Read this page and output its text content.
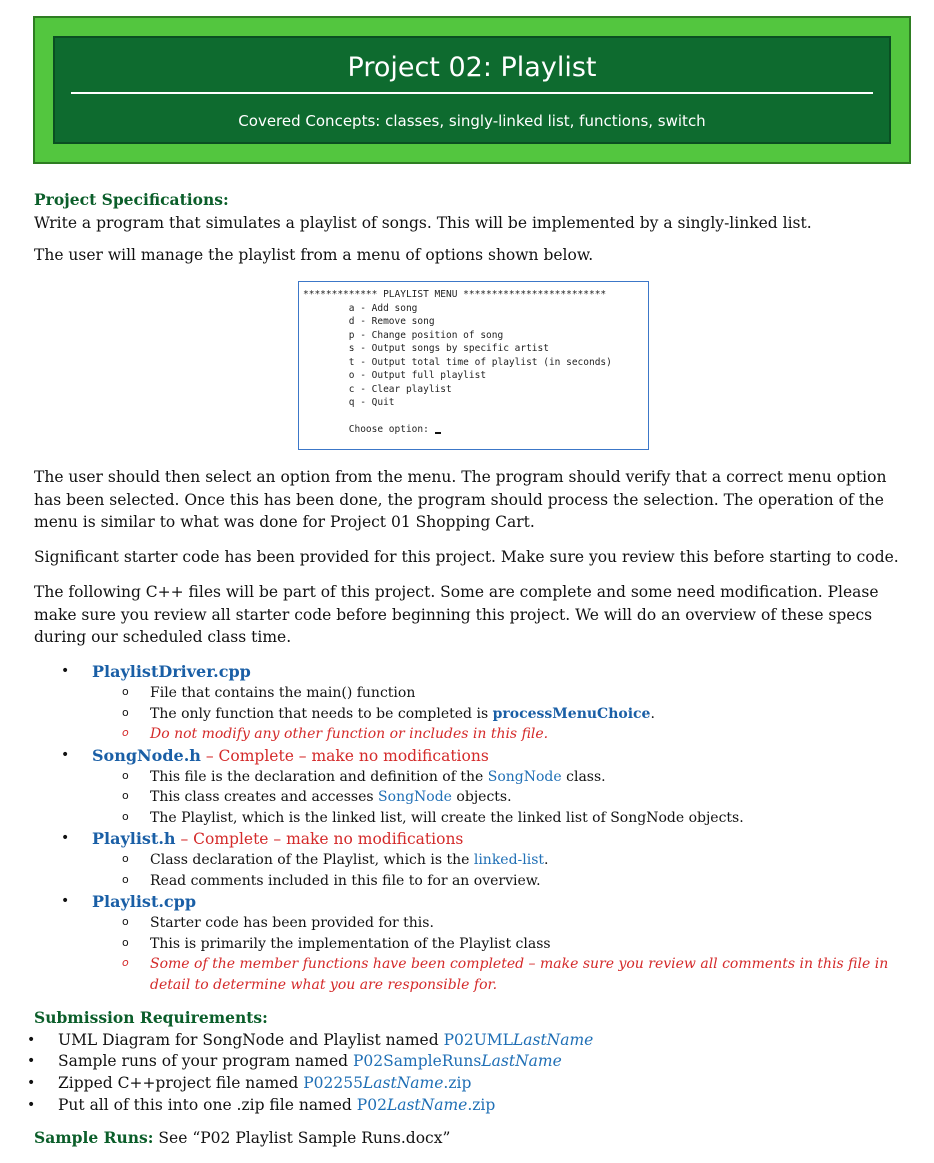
Project 02: Playlist
Covered Concepts: classes, singly-linked list, functions, switch

Project Specifications:

Write a program that simulates a playlist of songs. This will be implemented by a singly-linked list.

The user will manage the playlist from a menu of options shown below.

************* PLAYLIST MENU *************************
a - Add song
d - Remove song
p - Change position of song
s - Output songs by specific artist
t - Output total time of playlist (in seconds)
o - Output full playlist
c - Clear playlist
q - Quit

Choose option:

The user should then select an option from the menu. The program should verify that a correct menu option has been selected. Once this has been done, the program should process the selection. The operation of the menu is similar to what was done for Project 01 Shopping Cart.

Significant starter code has been provided for this project. Make sure you review this before starting to code.

The following C++ files will be part of this project. Some are complete and some need modification. Please make sure you review all starter code before beginning this project. We will do an overview of these specs during our scheduled class time.

• PlaylistDriver.cpp
o File that contains the main() function
o The only function that needs to be completed is processMenuChoice.
o Do not modify any other function or includes in this file.
• SongNode.h – Complete – make no modifications
o This file is the declaration and definition of the SongNode class.
o This class creates and accesses SongNode objects.
o The Playlist, which is the linked list, will create the linked list of SongNode objects.
• Playlist.h – Complete – make no modifications
o Class declaration of the Playlist, which is the linked-list.
o Read comments included in this file to for an overview.
• Playlist.cpp
o Starter code has been provided for this.
o This is primarily the implementation of the Playlist class
o Some of the member functions have been completed – make sure you review all comments in this file in detail to determine what you are responsible for.

Submission Requirements:

• UML Diagram for SongNode and Playlist named P02UMLLastName
• Sample runs of your program named P02SampleRunsLastName
• Zipped C++project file named P02255LastName.zip
• Put all of this into one .zip file named P02LastName.zip

Sample Runs: See “P02 Playlist Sample Runs.docx”
